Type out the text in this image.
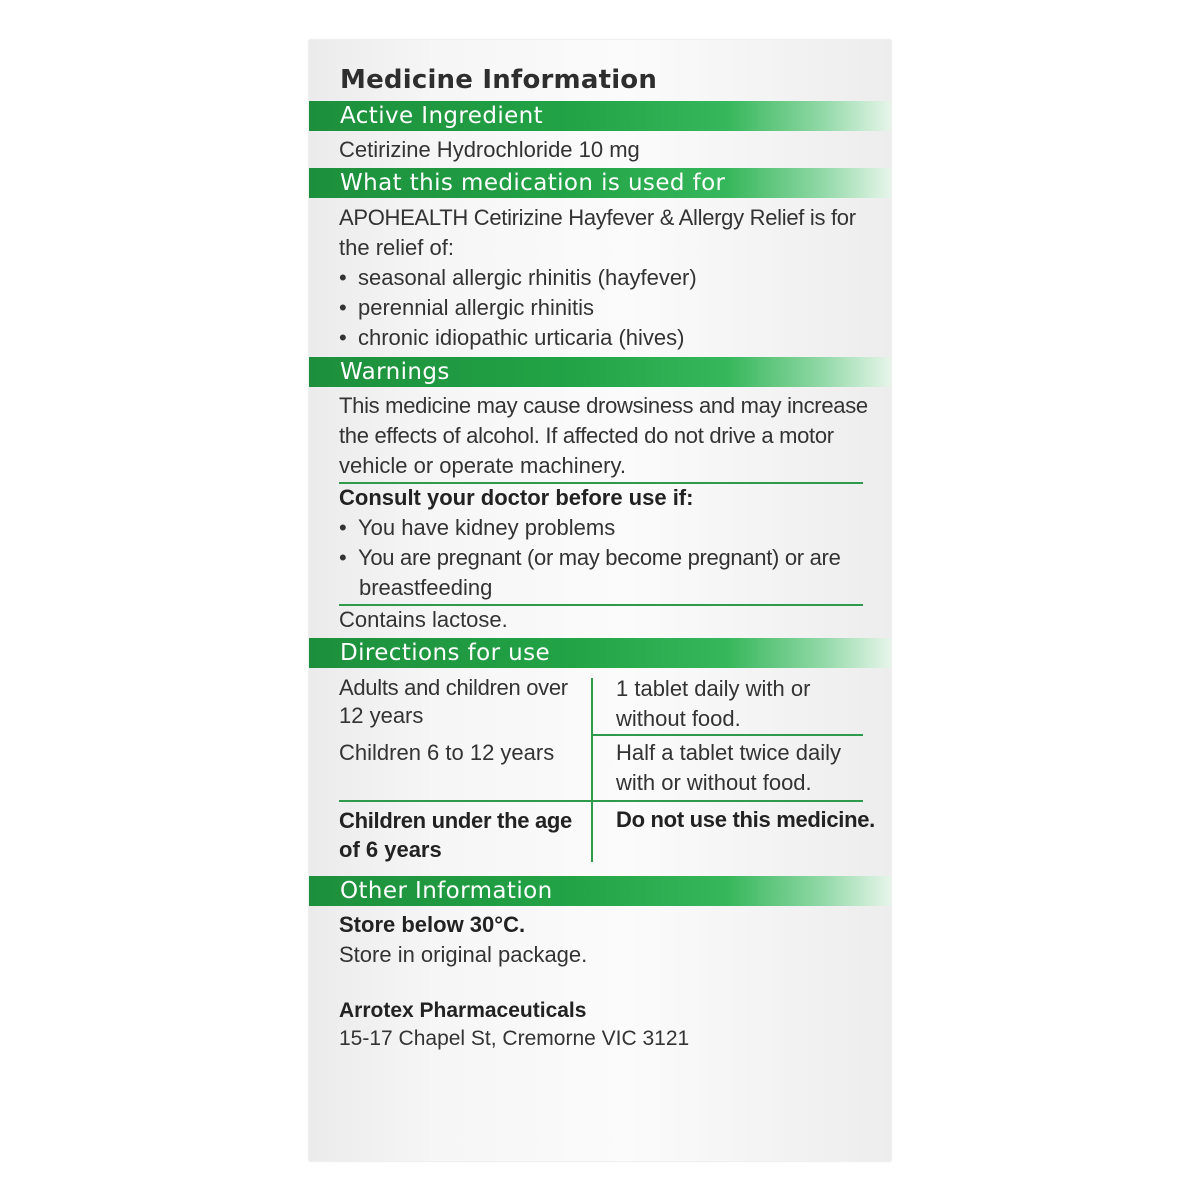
Medicine Information
Active Ingredient
Cetirizine Hydrochloride 10 mg
What this medication is used for
APOHEALTH Cetirizine Hayfever & Allergy Relief is for
the relief of:
• seasonal allergic rhinitis (hayfever)
• perennial allergic rhinitis
• chronic idiopathic urticaria (hives)
Warnings
This medicine may cause drowsiness and may increase
the effects of alcohol. If affected do not drive a motor
vehicle or operate machinery.
Consult your doctor before use if:
• You have kidney problems
• You are pregnant (or may become pregnant) or are
breastfeeding
Contains lactose.
Directions for use
Adults and children over
12 years
1 tablet daily with or
without food.
Children 6 to 12 years	Half a tablet twice daily
with or without food.
Children under the age
of 6 years
Do not use this medicine.
Other Information
Store below 30°C.
Store in original package.
Arrotex Pharmaceuticals
15-17 Chapel St, Cremorne VIC 3121
